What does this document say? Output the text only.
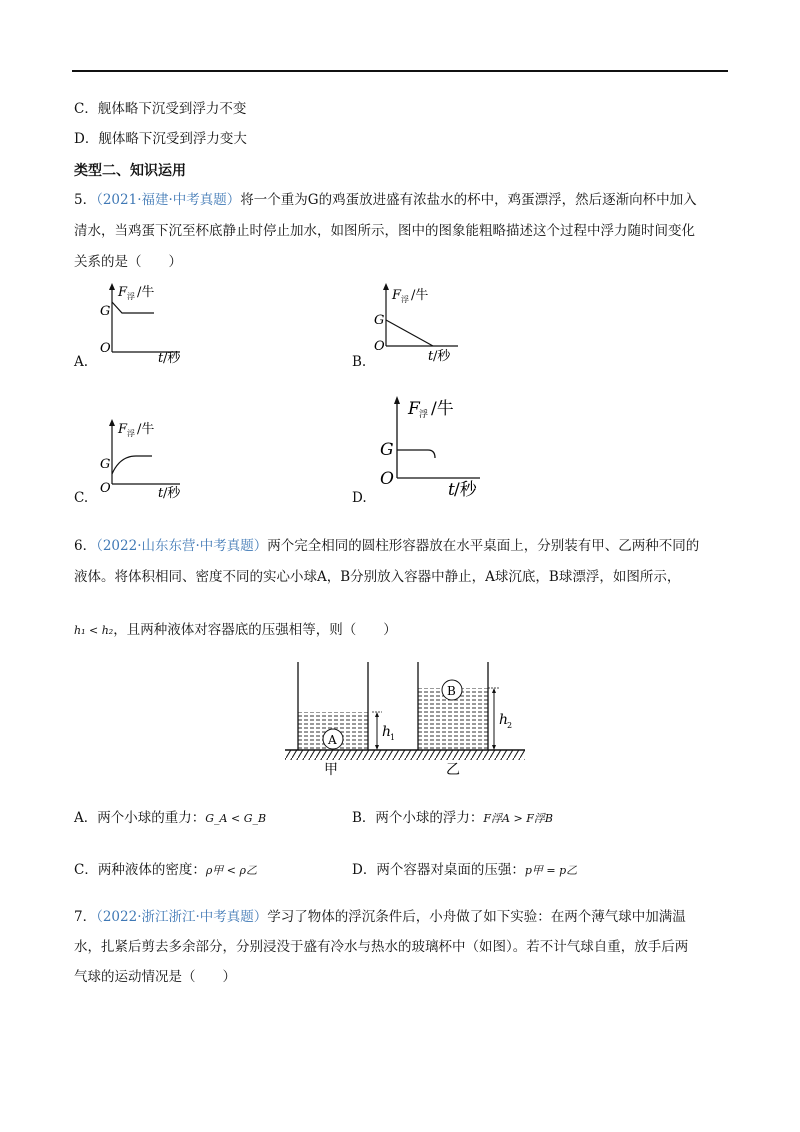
C．舰体略下沉受到浮力不变
D．舰体略下沉受到浮力变大
类型二、知识运用
5．（2021·福建·中考真题）将一个重为G的鸡蛋放进盛有浓盐水的杯中，鸡蛋漂浮，然后逐渐向杯中加入
清水，当鸡蛋下沉至杯底静止时停止加水，如图所示，图中的图象能粗略描述这个过程中浮力随时间变化
关系的是（　　）
F 浮 /牛
G
O
t /秒
A.
F 浮 /牛
G
O
t /秒
B.
F 浮 /牛
G
O	t /秒
C.
F 浮 /牛
G
O
t /秒
D.
6．（2022·山东东营·中考真题）两个完全相同的圆柱形容器放在水平桌面上，分别装有甲、乙两种不同的
液体。将体积相同、密度不同的实心小球A，B分别放入容器中静止，A球沉底，B球漂浮，如图所示，
h₁ < h₂，且两种液体对容器底的压强相等，则（　　）
A	h
1
B
h
2
甲	乙
A．两个小球的重力：G_A < G_B	B．两个小球的浮力：F浮A > F浮B
C．两种液体的密度：ρ甲 < ρ乙	D．两个容器对桌面的压强：p甲 = p乙
7．（2022·浙江浙江·中考真题）学习了物体的浮沉条件后，小舟做了如下实验：在两个薄气球中加满温
水，扎紧后剪去多余部分，分别浸没于盛有冷水与热水的玻璃杯中（如图）。若不计气球自重，放手后两
气球的运动情况是（　　）
